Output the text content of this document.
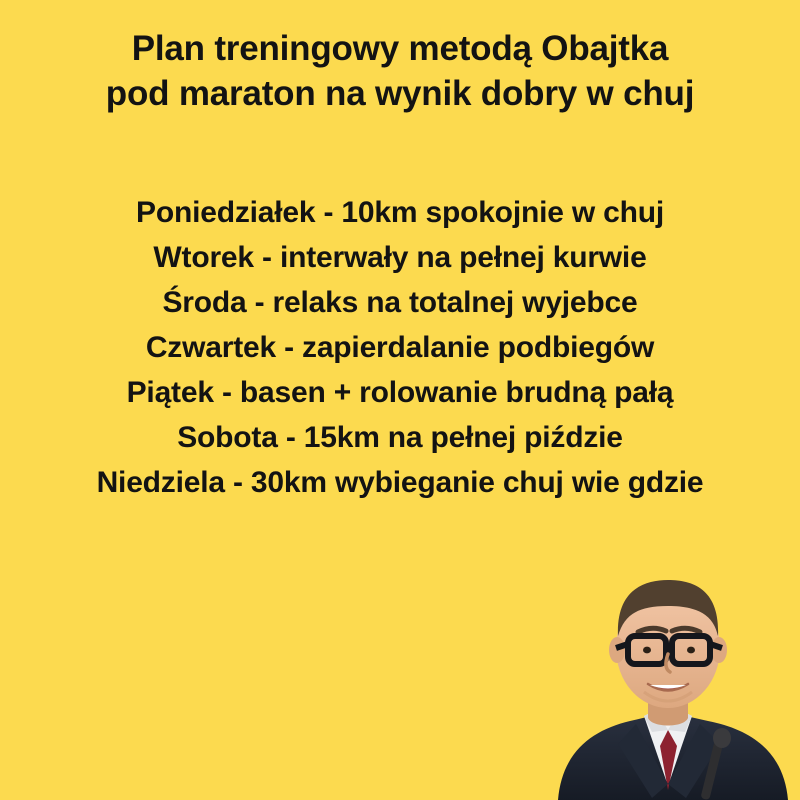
Plan treningowy metodą Obajtka
pod maraton na wynik dobry w chuj
Poniedziałek - 10km spokojnie w chuj
Wtorek - interwały na pełnej kurwie
Środa - relaks na totalnej wyjebce
Czwartek - zapierdalanie podbiegów
Piątek - basen + rolowanie brudną pałą
Sobota - 15km na pełnej piździe
Niedziela - 30km wybieganie chuj wie gdzie
